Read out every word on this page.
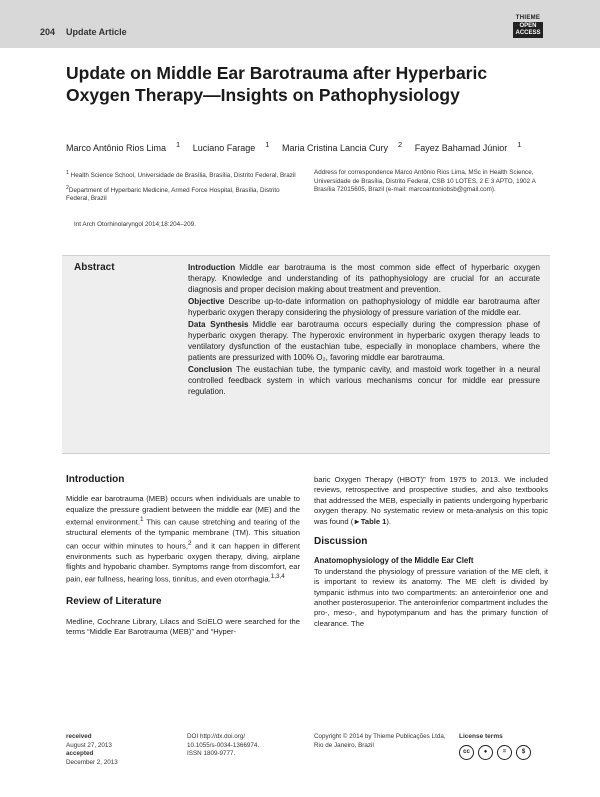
204 Update Article
THIEME
OPEN
ACCESS
Update on Middle Ear Barotrauma after Hyperbaric Oxygen Therapy—Insights on Pathophysiology
Marco Antônio Rios Lima $^1$ Luciano Farage $^1$ Maria Cristina Lancia Cury $^2$ Fayez Bahamad Júnior $^1$

$^1$ Health Science School, Universidade de Brasília, Brasília, Distrito Federal, Brazil

$^2$Department of Hyperbaric Medicine, Armed Force Hospital, Brasília, Distrito Federal, Brazil

Address for correspondence Marco Antônio Rios Lima, MSc in Health Science, Universidade de Brasília, Distrito Federal, CSB 10 LOTES, 2 E 3 APTO, 1902 A Brasília 72015605, Brazil (e-mail: marcoantoniobsb@gmail.com).
Int Arch Otorhinolaryngol 2014;18:204–209.
Abstract	Introduction Middle ear barotrauma is the most common side effect of hyperbaric oxygen therapy. Knowledge and understanding of its pathophysiology are crucial for an accurate diagnosis and proper decision making about treatment and prevention.

Objective Describe up-to-date information on pathophysiology of middle ear barotrauma after hyperbaric oxygen therapy considering the physiology of pressure variation of the middle ear.

Data Synthesis Middle ear barotrauma occurs especially during the compression phase of hyperbaric oxygen therapy. The hyperoxic environment in hyperbaric oxygen therapy leads to ventilatory dysfunction of the eustachian tube, especially in monoplace chambers, where the patients are pressurized with 100% O₂, favoring middle ear barotrauma.

Conclusion The eustachian tube, the tympanic cavity, and mastoid work together in a neural controlled feedback system in which various mechanisms concur for middle ear pressure regulation.

Introduction

Middle ear barotrauma (MEB) occurs when individuals are unable to equalize the pressure gradient between the middle ear (ME) and the external environment.$^1$ This can cause stretching and tearing of the structural elements of the tympanic membrane (TM). This situation can occur within minutes to hours,$^2$ and it can happen in different environments such as hyperbaric oxygen therapy, diving, airplane flights and hypobaric chamber. Symptoms range from discomfort, ear pain, ear fullness, hearing loss, tinnitus, and even otorrhagia.$^{1,3,4}$

Review of Literature

Medline, Cochrane Library, Lilacs and SciELO were searched for the terms “Middle Ear Barotrauma (MEB)” and “Hyper-

baric Oxygen Therapy (HBOT)” from 1975 to 2013. We included reviews, retrospective and prospective studies, and also textbooks that addressed the MEB, especially in patients undergoing hyperbaric oxygen therapy. No systematic review or meta-analysis on this topic was found (►Table 1).

Discussion
Anatomophysiology of the Middle Ear Cleft

To understand the physiology of pressure variation of the ME cleft, it is important to review its anatomy. The ME cleft is divided by tympanic isthmus into two compartments: an anteroinferior one and another posterosuperior. The anteroinferior compartment includes the pro-, meso-, and hypotympanum and has the primary function of clearance. The

received
August 27, 2013
accepted
December 2, 2013
DOI http://dx.doi.org/
10.1055/s-0034-1366974.
ISSN 1809-9777.
Copyright © 2014 by Thieme Publicações Ltda, Rio de Janeiro, Brazil
License terms
cc	●	=	$
